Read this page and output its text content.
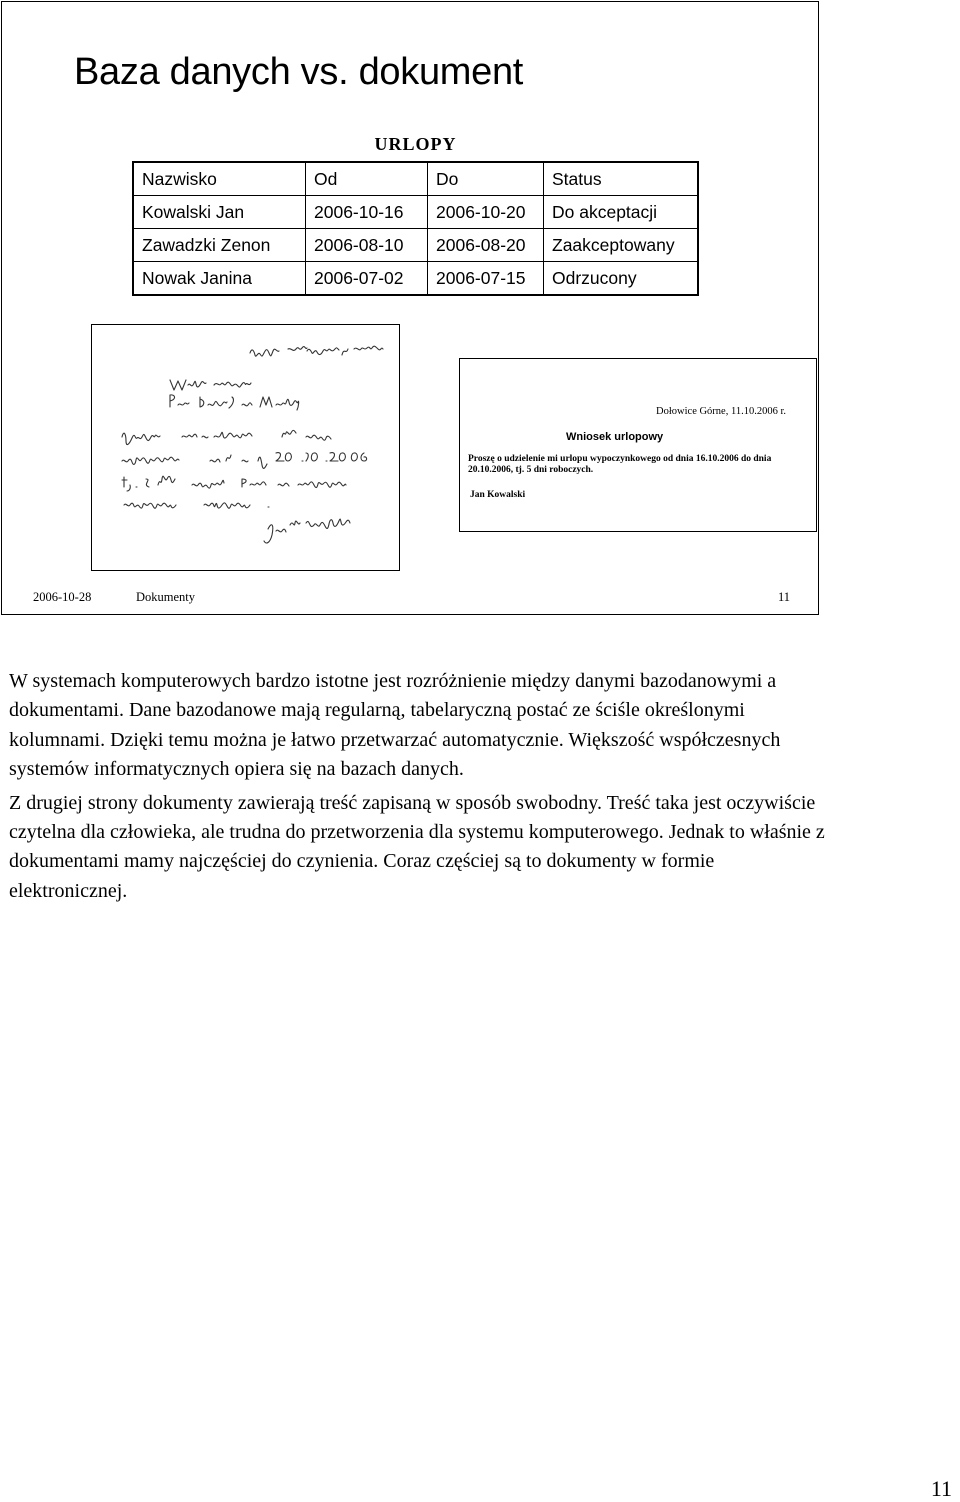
Baza danych vs. dokument
URLOPY
Nazwisko	Od	Do	Status
Kowalski Jan	2006-10-16	2006-10-20	Do akceptacji
Zawadzki Zenon	2006-08-10	2006-08-20	Zaakceptowany
Nowak Janina	2006-07-02	2006-07-15	Odrzucony
Dołowice Górne, 11.10.2006 r.
Wniosek urlopowy
Proszę o udzielenie mi urlopu wypoczynkowego od dnia 16.10.2006 do dnia 20.10.2006, tj. 5 dni roboczych.
Jan Kowalski
2006-10-28	Dokumenty	11

W systemach komputerowych bardzo istotne jest rozróżnienie między danymi bazodanowymi a dokumentami. Dane bazodanowe mają regularną, tabelaryczną postać ze ściśle określonymi kolumnami. Dzięki temu można je łatwo przetwarzać automatycznie. Większość współczesnych systemów informatycznych opiera się na bazach danych.

Z drugiej strony dokumenty zawierają treść zapisaną w sposób swobodny. Treść taka jest oczywiście czytelna dla człowieka, ale trudna do przetworzenia dla systemu komputerowego. Jednak to właśnie z dokumentami mamy najczęściej do czynienia. Coraz częściej są to dokumenty w formie elektronicznej.

11
